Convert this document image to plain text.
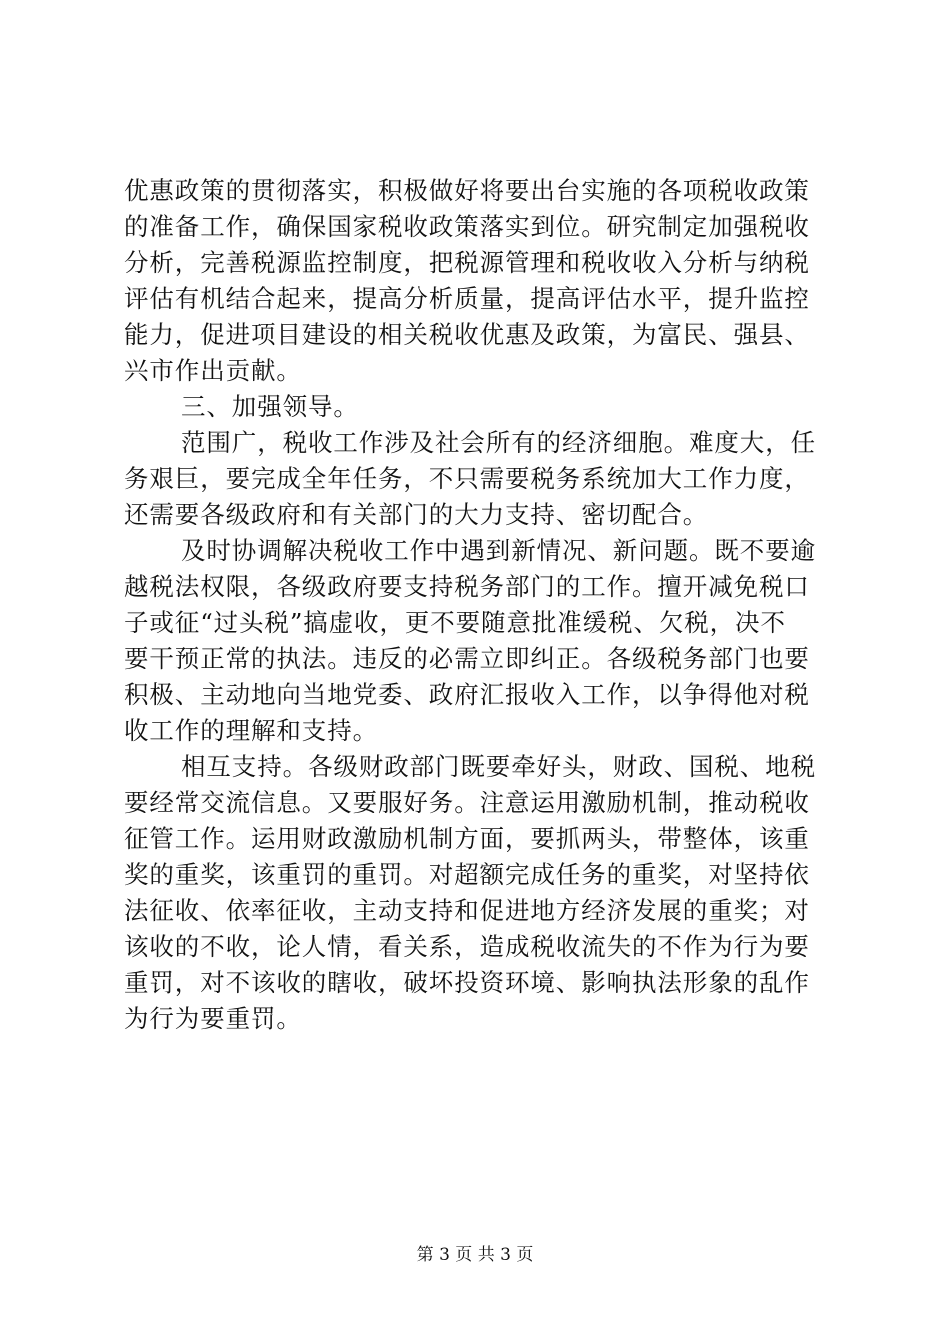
优惠政策的贯彻落实，积极做好将要出台实施的各项税收政策
的准备工作，确保国家税收政策落实到位。研究制定加强税收
分析，完善税源监控制度，把税源管理和税收收入分析与纳税
评估有机结合起来，提高分析质量，提高评估水平，提升监控
能力，促进项目建设的相关税收优惠及政策，为富民、强县、
兴市作出贡献。
三、加强领导。
范围广，税收工作涉及社会所有的经济细胞。难度大，任
务艰巨，要完成全年任务，不只需要税务系统加大工作力度，
还需要各级政府和有关部门的大力支持、密切配合。
及时协调解决税收工作中遇到新情况、新问题。既不要逾
越税法权限，各级政府要支持税务部门的工作。擅开减免税口
子或征“过头税”搞虚收，更不要随意批准缓税、欠税，决不
要干预正常的执法。违反的必需立即纠正。各级税务部门也要
积极、主动地向当地党委、政府汇报收入工作，以争得他对税
收工作的理解和支持。
相互支持。各级财政部门既要牵好头，财政、国税、地税
要经常交流信息。又要服好务。注意运用激励机制，推动税收
征管工作。运用财政激励机制方面，要抓两头，带整体，该重
奖的重奖，该重罚的重罚。对超额完成任务的重奖，对坚持依
法征收、依率征收，主动支持和促进地方经济发展的重奖；对
该收的不收，论人情，看关系，造成税收流失的不作为行为要
重罚，对不该收的瞎收，破坏投资环境、影响执法形象的乱作
为行为要重罚。
第 3 页 共 3 页
